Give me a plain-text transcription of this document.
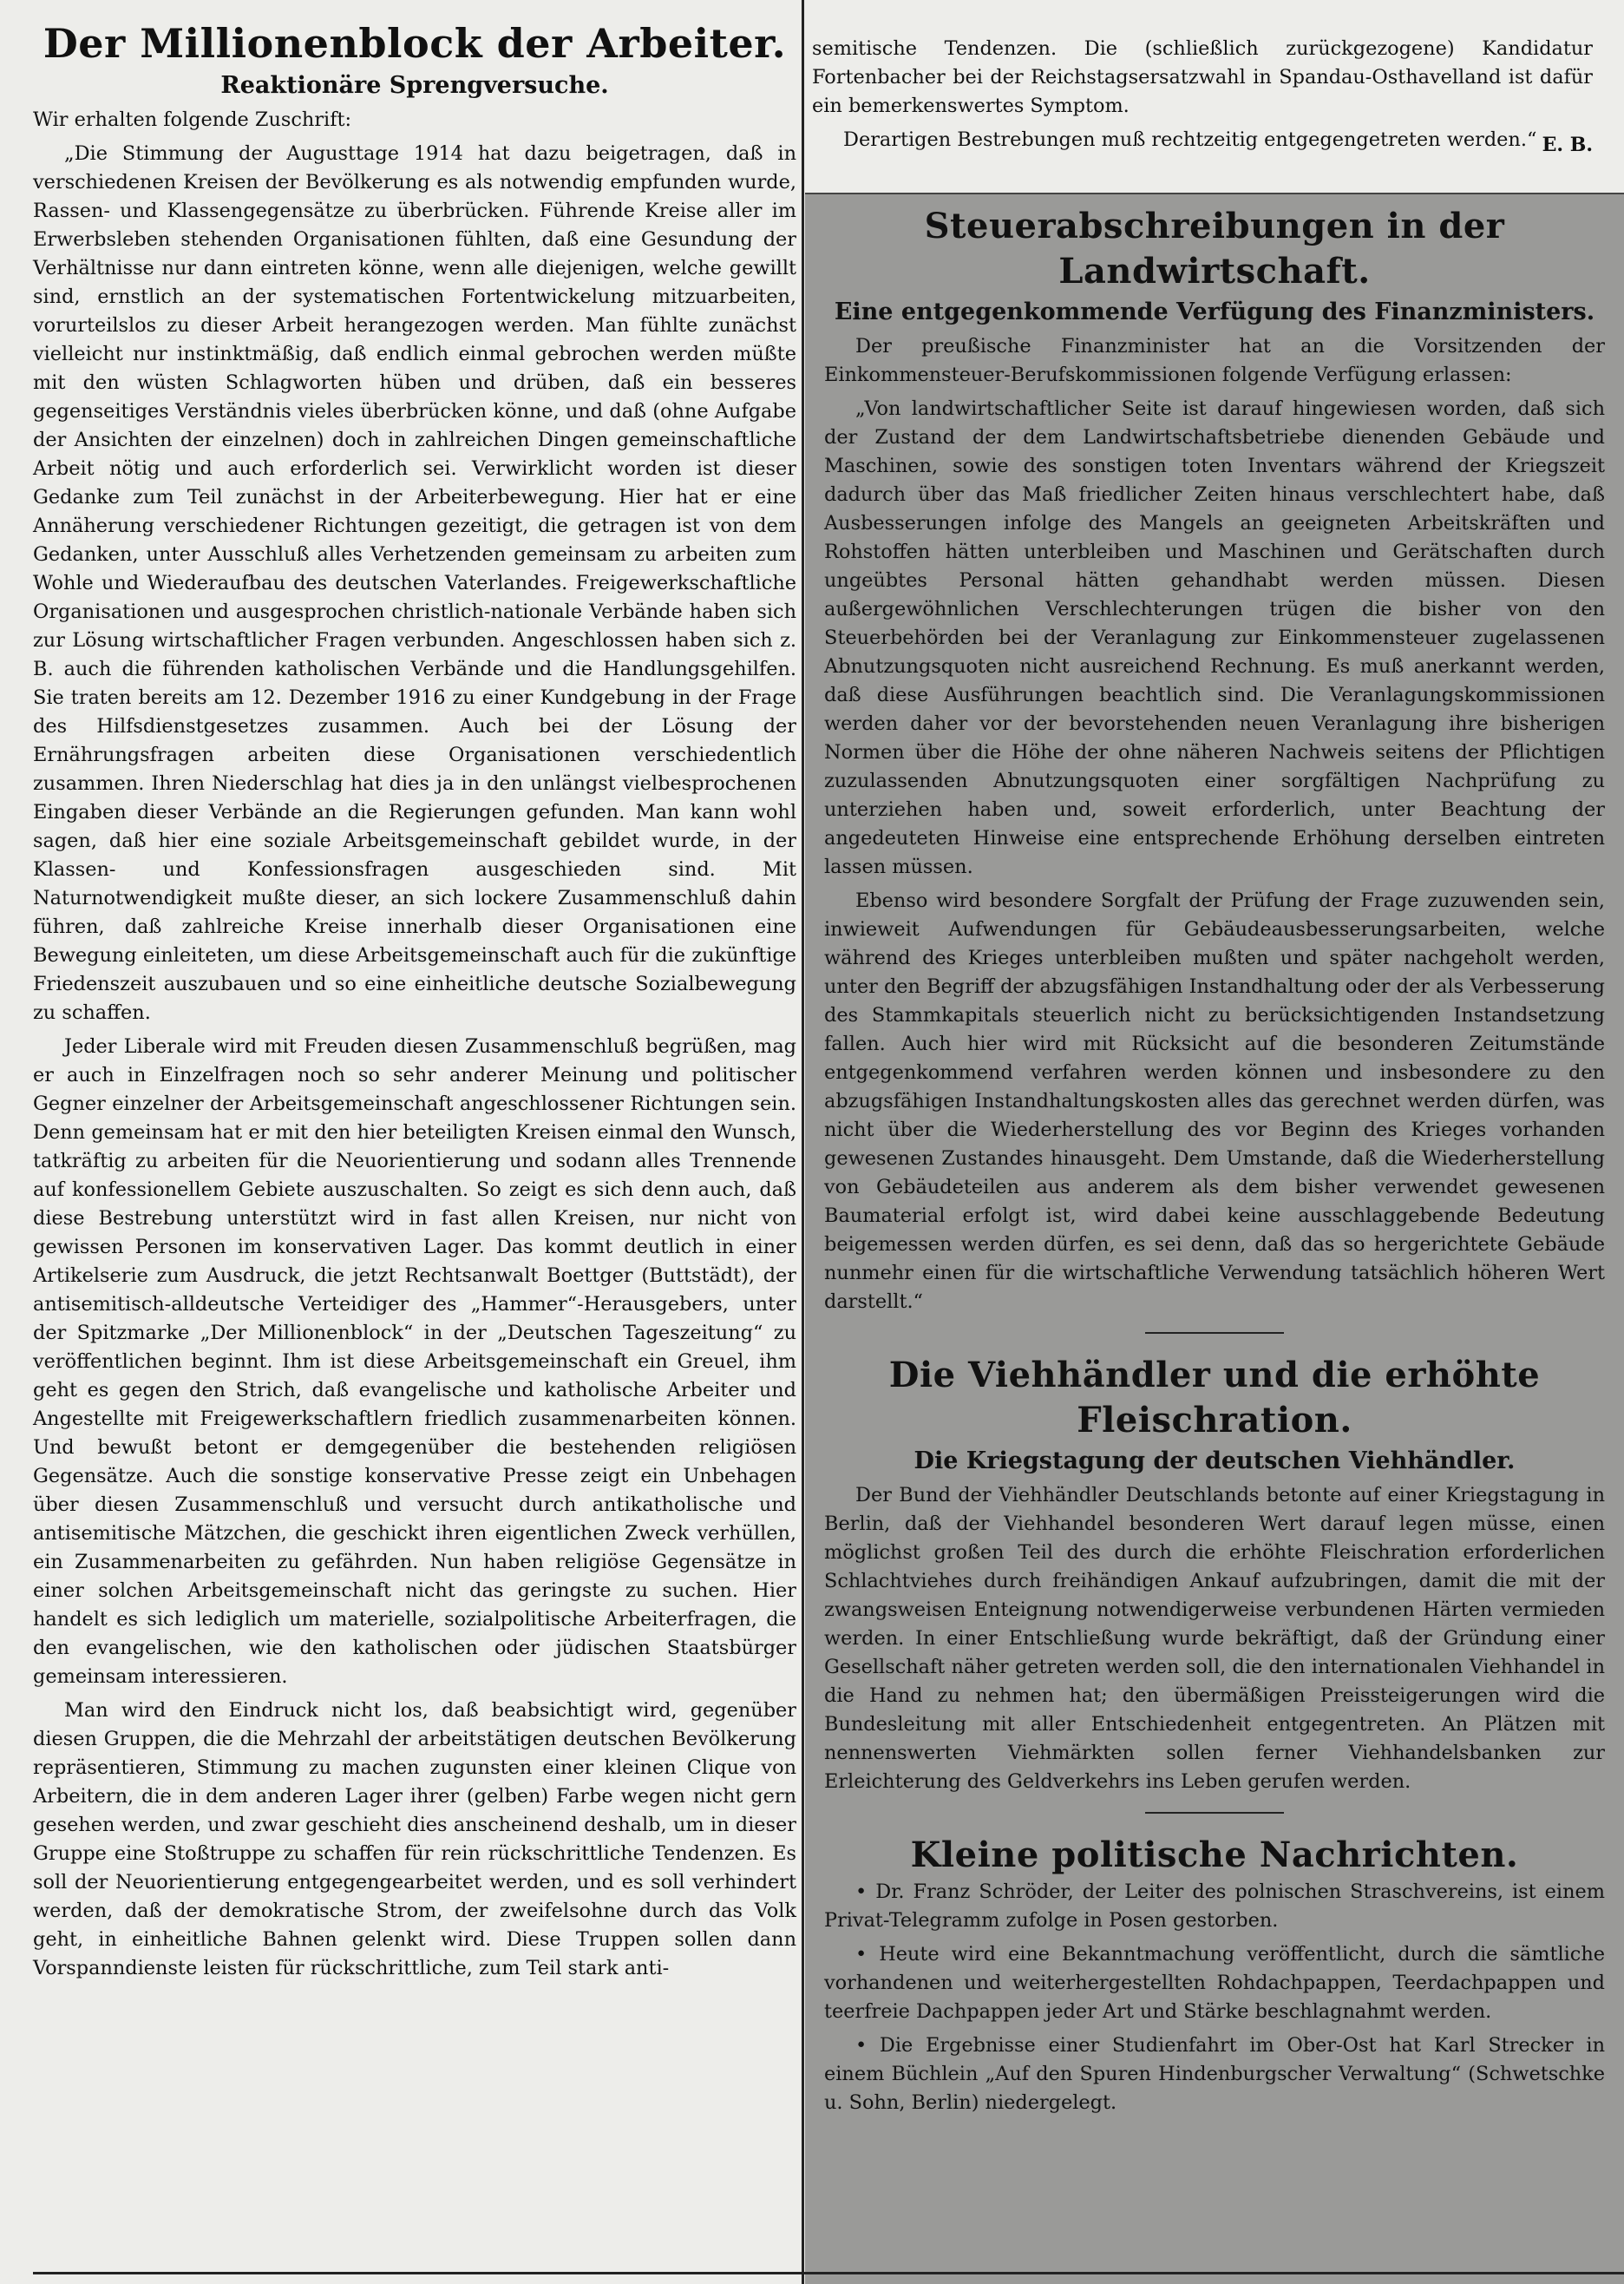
Der Millionenblock der Arbeiter.
Reaktionäre Sprengversuche.

Wir erhalten folgende Zuschrift:

„Die Stimmung der Augusttage 1914 hat dazu beigetragen, daß in verschiedenen Kreisen der Bevölkerung es als notwendig empfunden wurde, Rassen- und Klassengegensätze zu überbrücken. Führende Kreise aller im Erwerbsleben stehenden Organisationen fühlten, daß eine Gesundung der Verhältnisse nur dann eintreten könne, wenn alle diejenigen, welche gewillt sind, ernstlich an der systematischen Fortentwickelung mitzuarbeiten, vorurteilslos zu dieser Arbeit herangezogen werden. Man fühlte zunächst vielleicht nur instinktmäßig, daß endlich einmal gebrochen werden müßte mit den wüsten Schlagworten hüben und drüben, daß ein besseres gegenseitiges Verständnis vieles überbrücken könne, und daß (ohne Aufgabe der Ansichten der einzelnen) doch in zahlreichen Dingen gemeinschaftliche Arbeit nötig und auch erforderlich sei. Verwirklicht worden ist dieser Gedanke zum Teil zunächst in der Arbeiterbewegung. Hier hat er eine Annäherung verschiedener Richtungen gezeitigt, die getragen ist von dem Gedanken, unter Ausschluß alles Verhetzenden gemeinsam zu arbeiten zum Wohle und Wiederaufbau des deutschen Vaterlandes. Freigewerkschaftliche Organisationen und ausgesprochen christlich-nationale Verbände haben sich zur Lösung wirtschaftlicher Fragen verbunden. Angeschlossen haben sich z. B. auch die führenden katholischen Verbände und die Handlungsgehilfen. Sie traten bereits am 12. Dezember 1916 zu einer Kundgebung in der Frage des Hilfsdienstgesetzes zusammen. Auch bei der Lösung der Ernährungsfragen arbeiten diese Organisationen verschiedentlich zusammen. Ihren Niederschlag hat dies ja in den unlängst vielbesprochenen Eingaben dieser Verbände an die Regierungen gefunden. Man kann wohl sagen, daß hier eine soziale Arbeitsgemeinschaft gebildet wurde, in der Klassen- und Konfessionsfragen ausgeschieden sind. Mit Naturnotwendigkeit mußte dieser, an sich lockere Zusammenschluß dahin führen, daß zahlreiche Kreise innerhalb dieser Organisationen eine Bewegung einleiteten, um diese Arbeitsgemeinschaft auch für die zukünftige Friedenszeit auszubauen und so eine einheitliche deutsche Sozialbewegung zu schaffen.

Jeder Liberale wird mit Freuden diesen Zusammenschluß begrüßen, mag er auch in Einzelfragen noch so sehr anderer Meinung und politischer Gegner einzelner der Arbeitsgemeinschaft angeschlossener Richtungen sein. Denn gemeinsam hat er mit den hier beteiligten Kreisen einmal den Wunsch, tatkräftig zu arbeiten für die Neuorientierung und sodann alles Trennende auf konfessionellem Gebiete auszuschalten. So zeigt es sich denn auch, daß diese Bestrebung unterstützt wird in fast allen Kreisen, nur nicht von gewissen Personen im konservativen Lager. Das kommt deutlich in einer Artikelserie zum Ausdruck, die jetzt Rechtsanwalt Boettger (Buttstädt), der antisemitisch-alldeutsche Verteidiger des „Hammer“-Herausgebers, unter der Spitzmarke „Der Millionenblock“ in der „Deutschen Tageszeitung“ zu veröffentlichen beginnt. Ihm ist diese Arbeitsgemeinschaft ein Greuel, ihm geht es gegen den Strich, daß evangelische und katholische Arbeiter und Angestellte mit Freigewerkschaftlern friedlich zusammenarbeiten können. Und bewußt betont er demgegenüber die bestehenden religiösen Gegensätze. Auch die sonstige konservative Presse zeigt ein Unbehagen über diesen Zusammenschluß und versucht durch antikatholische und antisemitische Mätzchen, die geschickt ihren eigentlichen Zweck verhüllen, ein Zusammenarbeiten zu gefährden. Nun haben religiöse Gegensätze in einer solchen Arbeitsgemeinschaft nicht das geringste zu suchen. Hier handelt es sich lediglich um materielle, sozialpolitische Arbeiterfragen, die den evangelischen, wie den katholischen oder jüdischen Staatsbürger gemeinsam interessieren.

Man wird den Eindruck nicht los, daß beabsichtigt wird, gegenüber diesen Gruppen, die die Mehrzahl der arbeitstätigen deutschen Bevölkerung repräsentieren, Stimmung zu machen zugunsten einer kleinen Clique von Arbeitern, die in dem anderen Lager ihrer (gelben) Farbe wegen nicht gern gesehen werden, und zwar geschieht dies anscheinend deshalb, um in dieser Gruppe eine Stoßtruppe zu schaffen für rein rückschrittliche Tendenzen. Es soll der Neuorientierung entgegengearbeitet werden, und es soll verhindert werden, daß der demokratische Strom, der zweifelsohne durch das Volk geht, in einheitliche Bahnen gelenkt wird. Diese Truppen sollen dann Vorspanndienste leisten für rückschrittliche, zum Teil stark anti-

semitische Tendenzen. Die (schließlich zurückgezogene) Kandidatur Fortenbacher bei der Reichstagsersatzwahl in Spandau-Osthavelland ist dafür ein bemerkenswertes Symptom.

Derartigen Bestrebungen muß rechtzeitig entgegengetreten werden.“ E. B.
Steuerabschreibungen in der Landwirtschaft.
Eine entgegenkommende Verfügung des Finanzministers.

Der preußische Finanzminister hat an die Vorsitzenden der Einkommensteuer-Berufskommissionen folgende Verfügung erlassen:

„Von landwirtschaftlicher Seite ist darauf hingewiesen worden, daß sich der Zustand der dem Landwirtschaftsbetriebe dienenden Gebäude und Maschinen, sowie des sonstigen toten Inventars während der Kriegszeit dadurch über das Maß friedlicher Zeiten hinaus verschlechtert habe, daß Ausbesserungen infolge des Mangels an geeigneten Arbeitskräften und Rohstoffen hätten unterbleiben und Maschinen und Gerätschaften durch ungeübtes Personal hätten gehandhabt werden müssen. Diesen außergewöhnlichen Verschlechterungen trügen die bisher von den Steuerbehörden bei der Veranlagung zur Einkommensteuer zugelassenen Abnutzungsquoten nicht ausreichend Rechnung. Es muß anerkannt werden, daß diese Ausführungen beachtlich sind. Die Veranlagungskommissionen werden daher vor der bevorstehenden neuen Veranlagung ihre bisherigen Normen über die Höhe der ohne näheren Nachweis seitens der Pflichtigen zuzulassenden Abnutzungsquoten einer sorgfältigen Nachprüfung zu unterziehen haben und, soweit erforderlich, unter Beachtung der angedeuteten Hinweise eine entsprechende Erhöhung derselben eintreten lassen müssen.

Ebenso wird besondere Sorgfalt der Prüfung der Frage zuzuwenden sein, inwieweit Aufwendungen für Gebäudeausbesserungsarbeiten, welche während des Krieges unterbleiben mußten und später nachgeholt werden, unter den Begriff der abzugsfähigen Instandhaltung oder der als Verbesserung des Stammkapitals steuerlich nicht zu berücksichtigenden Instandsetzung fallen. Auch hier wird mit Rücksicht auf die besonderen Zeitumstände entgegenkommend verfahren werden können und insbesondere zu den abzugsfähigen Instandhaltungskosten alles das gerechnet werden dürfen, was nicht über die Wiederherstellung des vor Beginn des Krieges vorhanden gewesenen Zustandes hinausgeht. Dem Umstande, daß die Wiederherstellung von Gebäudeteilen aus anderem als dem bisher verwendet gewesenen Baumaterial erfolgt ist, wird dabei keine ausschlaggebende Bedeutung beigemessen werden dürfen, es sei denn, daß das so hergerichtete Gebäude nunmehr einen für die wirtschaftliche Verwendung tatsächlich höheren Wert darstellt.“

Die Viehhändler und die erhöhte Fleischration.
Die Kriegstagung der deutschen Viehhändler.

Der Bund der Viehhändler Deutschlands betonte auf einer Kriegstagung in Berlin, daß der Viehhandel besonderen Wert darauf legen müsse, einen möglichst großen Teil des durch die erhöhte Fleischration erforderlichen Schlachtviehes durch freihändigen Ankauf aufzubringen, damit die mit der zwangsweisen Enteignung notwendigerweise verbundenen Härten vermieden werden. In einer Entschließung wurde bekräftigt, daß der Gründung einer Gesellschaft näher getreten werden soll, die den internationalen Viehhandel in die Hand zu nehmen hat; den übermäßigen Preissteigerungen wird die Bundesleitung mit aller Entschiedenheit entgegentreten. An Plätzen mit nennenswerten Viehmärkten sollen ferner Viehhandelsbanken zur Erleichterung des Geldverkehrs ins Leben gerufen werden.

Kleine politische Nachrichten.

• Dr. Franz Schröder, der Leiter des polnischen Straschvereins, ist einem Privat-Telegramm zufolge in Posen gestorben.

• Heute wird eine Bekanntmachung veröffentlicht, durch die sämtliche vorhandenen und weiterhergestellten Rohdachpappen, Teerdachpappen und teerfreie Dachpappen jeder Art und Stärke beschlagnahmt werden.

• Die Ergebnisse einer Studienfahrt im Ober-Ost hat Karl Strecker in einem Büchlein „Auf den Spuren Hindenburgscher Verwaltung“ (Schwetschke u. Sohn, Berlin) niedergelegt.
